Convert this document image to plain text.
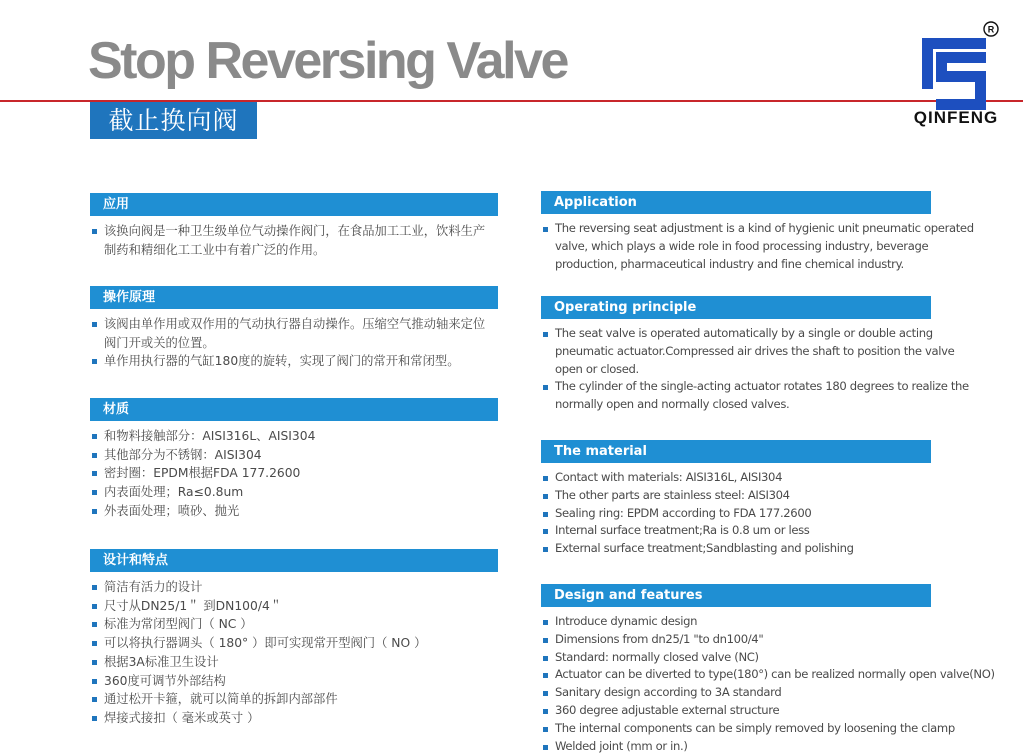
Stop Reversing Valve
截止换向阀
R
QINFENG
应用
该换向阀是一种卫生级单位气动操作阀门，在食品加工工业，饮料生产
制药和精细化工工业中有着广泛的作用。
操作原理
该阀由单作用或双作用的气动执行器自动操作。压缩空气推动轴来定位
阀门开或关的位置。
单作用执行器的气缸180度的旋转，实现了阀门的常开和常闭型。
材质
和物料接触部分：AISI316L、AISI304
其他部分为不锈钢：AISI304
密封圈：EPDM根据FDA 177.2600
内表面处理；Ra≤0.8um
外表面处理；喷砂、抛光
设计和特点
简洁有活力的设计
尺寸从DN25/1＂ 到DN100/4＂
标准为常闭型阀门（ NC ）
可以将执行器调头（ 180° ）即可实现常开型阀门（ NO ）
根据3A标准卫生设计
360度可调节外部结构
通过松开卡箍，就可以简单的拆卸内部部件
焊接式接扣（ 毫米或英寸 ）
Application
The reversing seat adjustment is a kind of hygienic unit pneumatic operated
valve, which plays a wide role in food processing industry, beverage
production, pharmaceutical industry and fine chemical industry.
Operating principle
The seat valve is operated automatically by a single or double acting
pneumatic actuator.Compressed air drives the shaft to position the valve
open or closed.
The cylinder of the single-acting actuator rotates 180 degrees to realize the
normally open and normally closed valves.
The material
Contact with materials: AISI316L, AISI304
The other parts are stainless steel: AISI304
Sealing ring: EPDM according to FDA 177.2600
Internal surface treatment;Ra is 0.8 um or less
External surface treatment;Sandblasting and polishing
Design and features
Introduce dynamic design
Dimensions from dn25/1 "to dn100/4"
Standard: normally closed valve (NC)
Actuator can be diverted to type(180°) can be realized normally open valve(NO)
Sanitary design according to 3A standard
360 degree adjustable external structure
The internal components can be simply removed by loosening the clamp
Welded joint (mm or in.)
